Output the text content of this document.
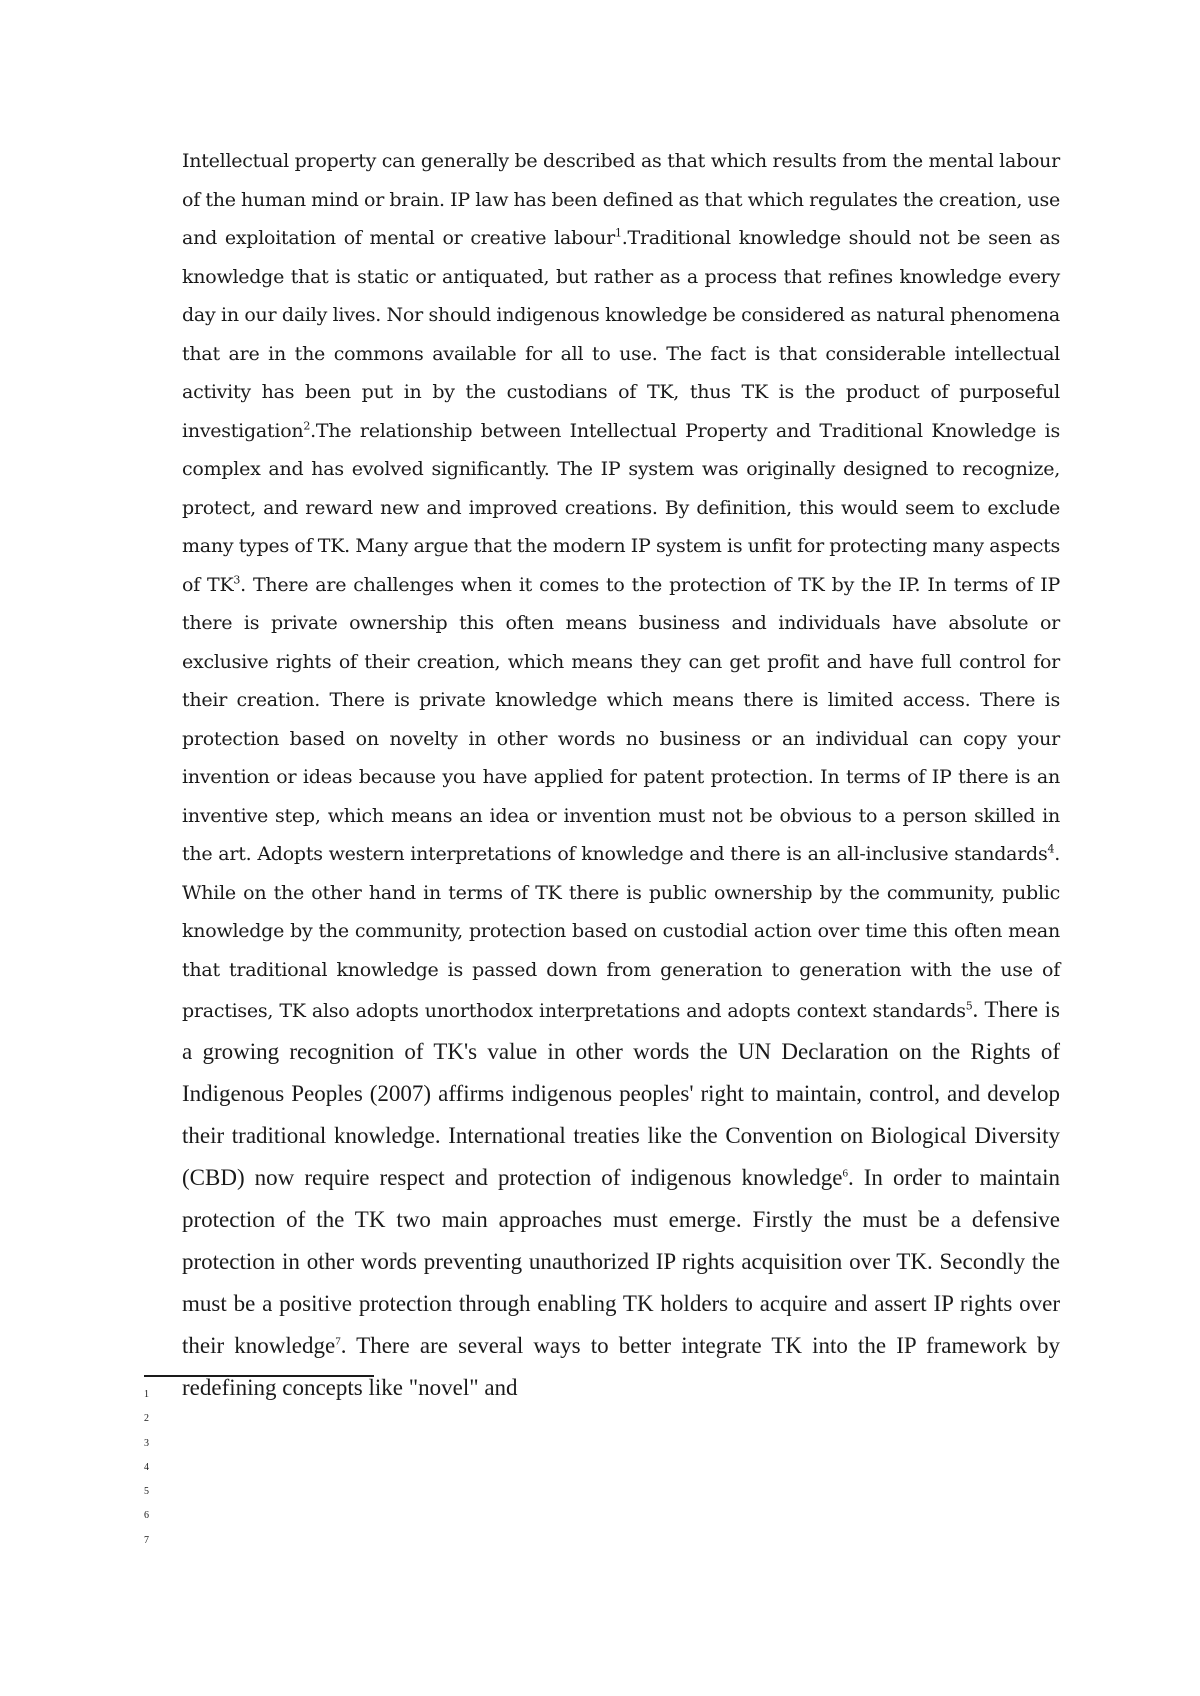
Intellectual property can generally be described as that which results from the mental labour of the human mind or brain. IP law has been defined as that which regulates the creation, use and exploitation of mental or creative labour$^1$.Traditional knowledge should not be seen as knowledge that is static or antiquated, but rather as a process that refines knowledge every day in our daily lives. Nor should indigenous knowledge be considered as natural phenomena that are in the commons available for all to use. The fact is that considerable intellectual activity has been put in by the custodians of TK, thus TK is the product of purposeful investigation$^2$.The relationship between Intellectual Property and Traditional Knowledge is complex and has evolved significantly. The IP system was originally designed to recognize, protect, and reward new and improved creations. By definition, this would seem to exclude many types of TK. Many argue that the modern IP system is unfit for protecting many aspects of $TK^3$. There are challenges when it comes to the protection of TK by the IP. In terms of IP there is private ownership this often means business and individuals have absolute or exclusive rights of their creation, which means they can get profit and have full control for their creation. There is private knowledge which means there is limited access. There is protection based on novelty in other words no business or an individual can copy your invention or ideas because you have applied for patent protection. In terms of IP there is an inventive step, which means an idea or invention must not be obvious to a person skilled in the art. Adopts western interpretations of knowledge and there is an all-inclusive standards$^4$. While on the other hand in terms of TK there is public ownership by the community, public knowledge by the community, protection based on custodial action over time this often mean that traditional knowledge is passed down from generation to generation with the use of practises, TK also adopts unorthodox interpretations and adopts context standards$^5$. There is a growing recognition of TK's value in other words the UN Declaration on the Rights of Indigenous Peoples (2007) affirms indigenous peoples' right to maintain, control, and develop their traditional knowledge. International treaties like the Convention on Biological Diversity (CBD) now require respect and protection of indigenous knowledge$^6$. In order to maintain protection of the TK two main approaches must emerge. Firstly the must be a defensive protection in other words preventing unauthorized IP rights acquisition over TK. Secondly the must be a positive protection through enabling TK holders to acquire and assert IP rights over their knowledge$^7$. There are several ways to better integrate TK into the IP framework by redefining concepts like "novel" and

1
2
3
4
5
6
7
